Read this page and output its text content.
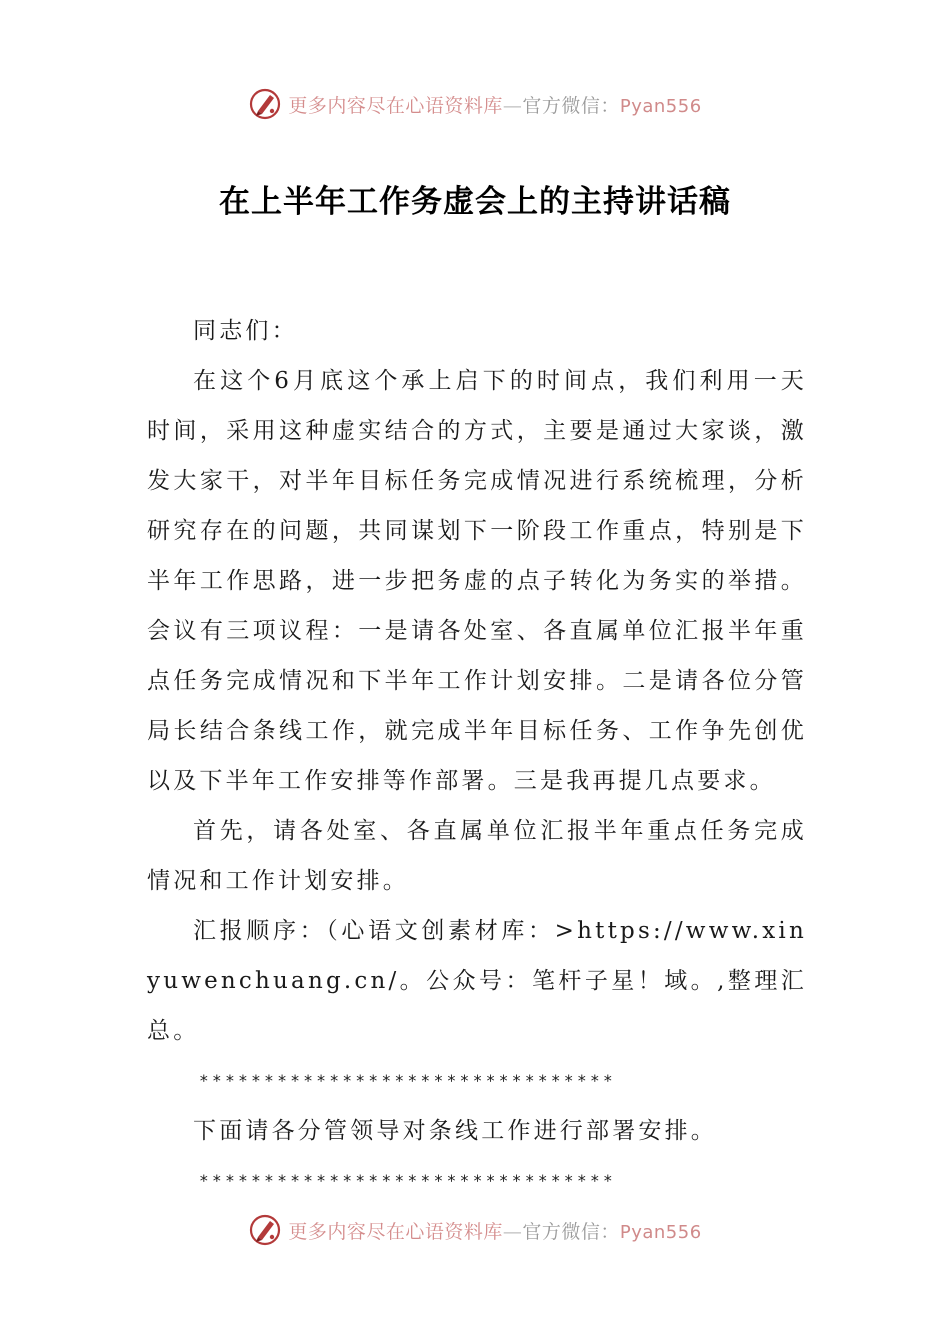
更多内容尽在心语资料库—官方微信：Pyan556
在上半年工作务虚会上的主持讲话稿

同志们：

在这个6月底这个承上启下的时间点，我们利用一天时间，采用这种虚实结合的方式，主要是通过大家谈，激发大家干，对半年目标任务完成情况进行系统梳理，分析研究存在的问题，共同谋划下一阶段工作重点，特别是下半年工作思路，进一步把务虚的点子转化为务实的举措。会议有三项议程：一是请各处室、各直属单位汇报半年重点任务完成情况和下半年工作计划安排。二是请各位分管局长结合条线工作，就完成半年目标任务、工作争先创优以及下半年工作安排等作部署。三是我再提几点要求。

首先，请各处室、各直属单位汇报半年重点任务完成情况和工作计划安排。

汇报顺序：（心语文创素材库：>https://www.xinyuwenchuang.cn/。公众号：笔杆子星！域。,整理汇总。

********************************

下面请各分管领导对条线工作进行部署安排。

********************************

更多内容尽在心语资料库—官方微信：Pyan556
